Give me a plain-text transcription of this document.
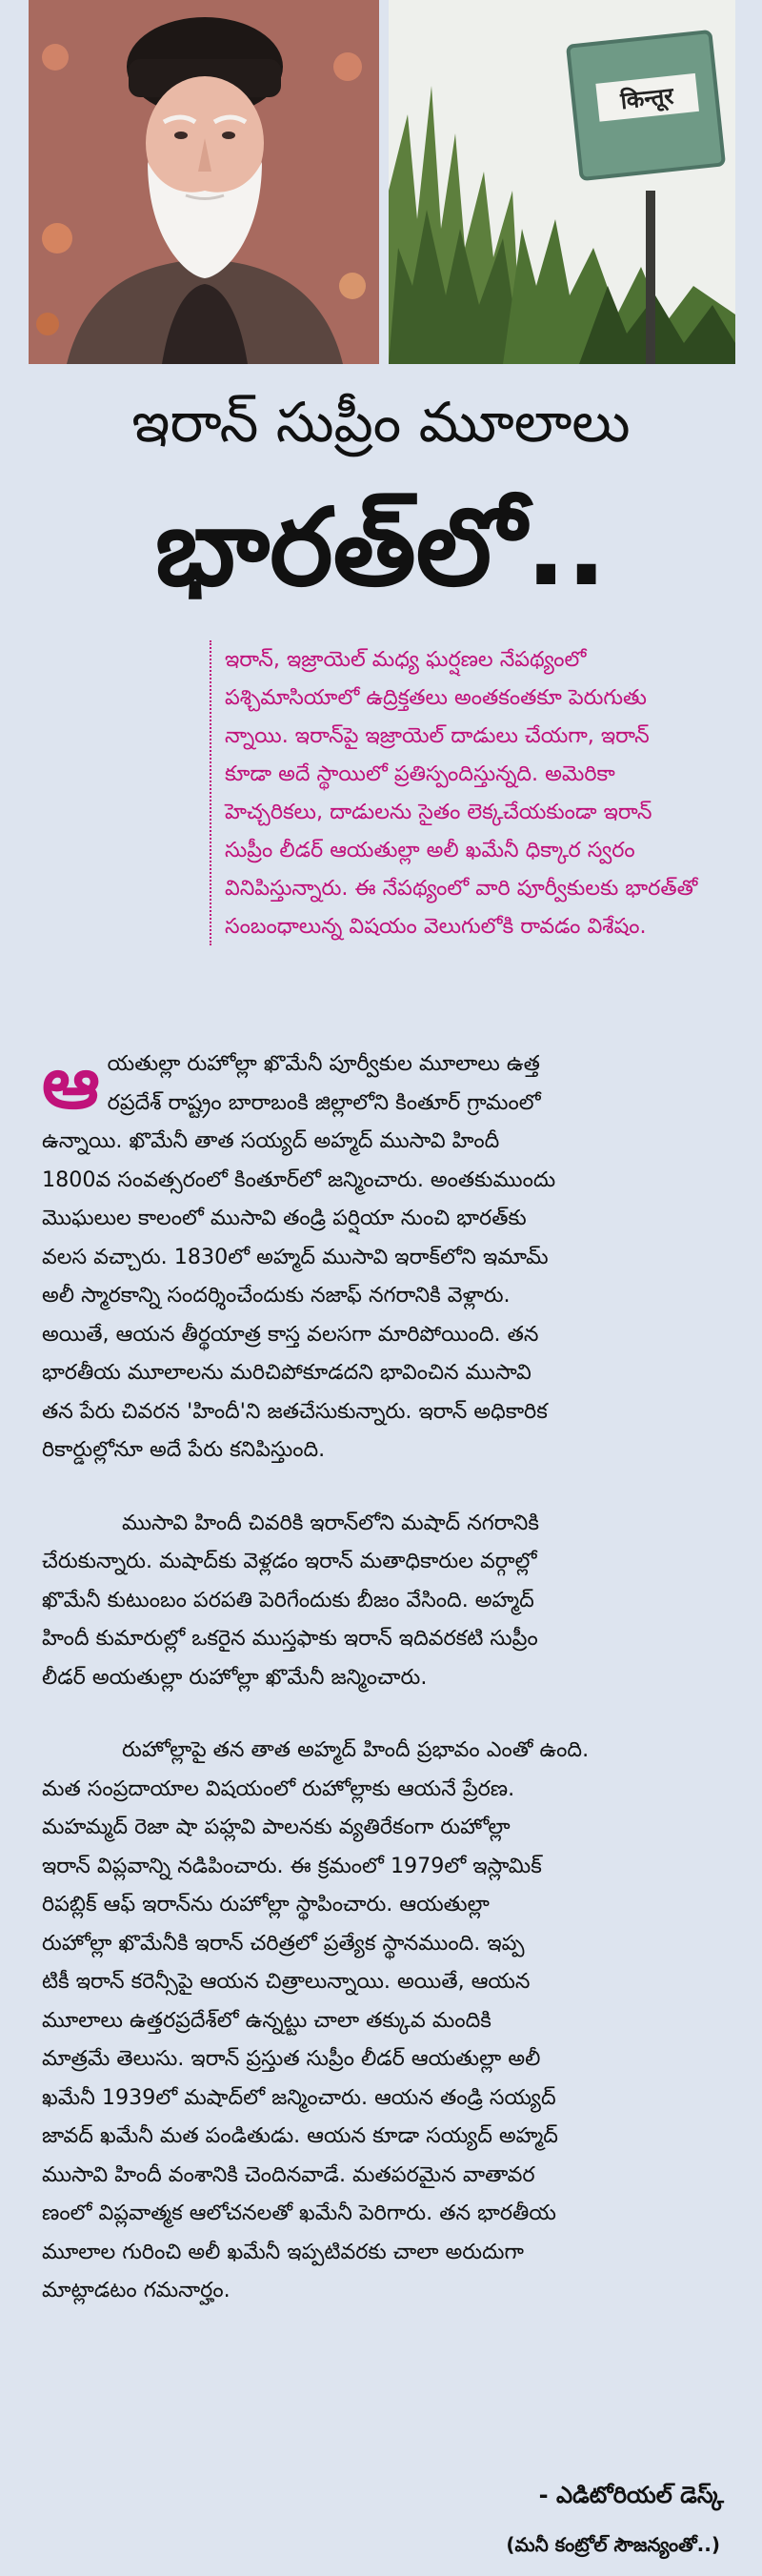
किन्तूर
ఇరాన్ సుప్రీం మూలాలు
భారత్‌లో..

ఇరాన్, ఇజ్రాయెల్ మధ్య ఘర్షణల నేపథ్యంలో
పశ్చిమాసియాలో ఉద్రిక్తతలు అంతకంతకూ పెరుగుతు
న్నాయి. ఇరాన్‌పై ఇజ్రాయెల్ దాడులు చేయగా, ఇరాన్
కూడా అదే స్థాయిలో ప్రతిస్పందిస్తున్నది. అమెరికా
హెచ్చరికలు, దాడులను సైతం లెక్కచేయకుండా ఇరాన్
సుప్రీం లీడర్ ఆయతుల్లా అలీ ఖమేనీ ధిక్కార స్వరం
వినిపిస్తున్నారు. ఈ నేపథ్యంలో వారి పూర్వీకులకు భారత్‌తో
సంబంధాలున్న విషయం వెలుగులోకి రావడం విశేషం.

ఆయతుల్లా రుహోల్లా ఖొమేనీ పూర్వీకుల మూలాలు ఉత్త
రప్రదేశ్ రాష్ట్రం బారాబంకి జిల్లాలోని కింతూర్ గ్రామంలో
ఉన్నాయి. ఖొమేనీ తాత సయ్యద్ అహ్మద్ ముసావి హిందీ
1800వ సంవత్సరంలో కింతూర్‌లో జన్మించారు. అంతకుముందు
మొఘలుల కాలంలో ముసావి తండ్రి పర్షియా నుంచి భారత్‌కు
వలస వచ్చారు. 1830లో అహ్మద్ ముసావి ఇరాక్‌లోని ఇమామ్
అలీ స్మారకాన్ని సందర్శించేందుకు నజాఫ్ నగరానికి వెళ్లారు.
అయితే, ఆయన తీర్థయాత్ర కాస్త వలసగా మారిపోయింది. తన
భారతీయ మూలాలను మరిచిపోకూడదని భావించిన ముసావి
తన పేరు చివరన 'హిందీ'ని జతచేసుకున్నారు. ఇరాన్ అధికారిక
రికార్డుల్లోనూ అదే పేరు కనిపిస్తుంది.

ముసావి హిందీ చివరికి ఇరాన్‌లోని మషాద్ నగరానికి
చేరుకున్నారు. మషాద్‌కు వెళ్లడం ఇరాన్ మతాధికారుల వర్గాల్లో
ఖొమేనీ కుటుంబం పరపతి పెరిగేందుకు బీజం వేసింది. అహ్మద్
హిందీ కుమారుల్లో ఒకరైన ముస్తఫాకు ఇరాన్ ఇదివరకటి సుప్రీం
లీడర్ అయతుల్లా రుహోల్లా ఖొమేనీ జన్మించారు.

రుహోల్లాపై తన తాత అహ్మద్ హిందీ ప్రభావం ఎంతో ఉంది.
మత సంప్రదాయాల విషయంలో రుహోల్లాకు ఆయనే ప్రేరణ.
మహమ్మద్ రెజా షా పహ్లవి పాలనకు వ్యతిరేకంగా రుహోల్లా
ఇరాన్ విప్లవాన్ని నడిపించారు. ఈ క్రమంలో 1979లో ఇస్లామిక్
రిపబ్లిక్ ఆఫ్ ఇరాన్‌ను రుహోల్లా స్థాపించారు. ఆయతుల్లా
రుహోల్లా ఖొమేనీకి ఇరాన్ చరిత్రలో ప్రత్యేక స్థానముంది. ఇప్ప
టికీ ఇరాన్ కరెన్సీపై ఆయన చిత్రాలున్నాయి. అయితే, ఆయన
మూలాలు ఉత్తరప్రదేశ్‌లో ఉన్నట్టు చాలా తక్కువ మందికి
మాత్రమే తెలుసు. ఇరాన్ ప్రస్తుత సుప్రీం లీడర్ ఆయతుల్లా అలీ
ఖమేనీ 1939లో మషాద్‌లో జన్మించారు. ఆయన తండ్రి సయ్యద్
జావద్ ఖమేనీ మత పండితుడు. ఆయన కూడా సయ్యద్ అహ్మద్
ముసావి హిందీ వంశానికి చెందినవాడే. మతపరమైన వాతావర
ణంలో విప్లవాత్మక ఆలోచనలతో ఖమేనీ పెరిగారు. తన భారతీయ
మూలాల గురించి అలీ ఖమేనీ ఇప్పటివరకు చాలా అరుదుగా
మాట్లాడటం గమనార్హం.

- ఎడిటోరియల్ డెస్క్
(మనీ కంట్రోల్ సౌజన్యంతో..)
